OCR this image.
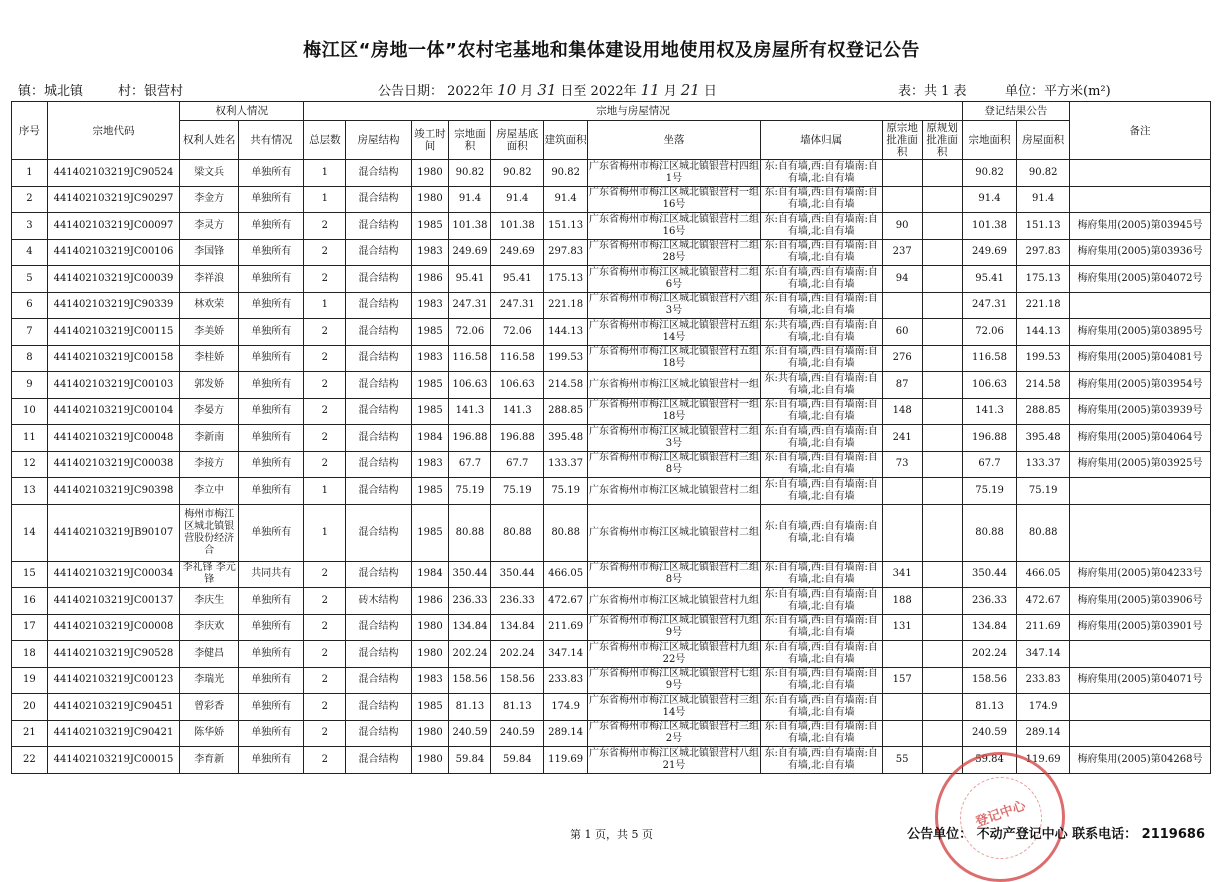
梅江区“房地一体”农村宅基地和集体建设用地使用权及房屋所有权登记公告
镇：城北镇	村：银营村	公告日期： 2022年 10 月 31 日至 2022年 11 月 21 日	表：共 1 表	单位：平方米(m²)
序号	宗地代码	权利人情况		宗地与房屋情况										登记结果公告		备注
		权利人姓名	共有情况	总层数	房屋结构	竣工时间	宗地面积	房屋基底面积	建筑面积	坐落	墙体归属	原宗地批准面积	原规划批准面积	宗地面积	房屋面积	
1	441402103219JC90524	梁文兵	单独所有	1	混合结构	1980	90.82	90.82	90.82	广东省梅州市梅江区城北镇银营村四组1号	东:自有墙,西:自有墙南:自有墙,北:自有墙			90.82	90.82	
2	441402103219JC90297	李金方	单独所有	1	混合结构	1980	91.4	91.4	91.4	广东省梅州市梅江区城北镇银营村一组16号	东:自有墙,西:自有墙南:自有墙,北:自有墙			91.4	91.4	
3	441402103219JC00097	李灵方	单独所有	2	混合结构	1985	101.38	101.38	151.13	广东省梅州市梅江区城北镇银营村二组16号	东:自有墙,西:自有墙南:自有墙,北:自有墙	90		101.38	151.13	梅府集用(2005)第03945号
4	441402103219JC00106	李国锋	单独所有	2	混合结构	1983	249.69	249.69	297.83	广东省梅州市梅江区城北镇银营村二组28号	东:自有墙,西:自有墙南:自有墙,北:自有墙	237		249.69	297.83	梅府集用(2005)第03936号
5	441402103219JC00039	李祥浪	单独所有	2	混合结构	1986	95.41	95.41	175.13	广东省梅州市梅江区城北镇银营村二组6号	东:自有墙,西:自有墙南:自有墙,北:自有墙	94		95.41	175.13	梅府集用(2005)第04072号
6	441402103219JC90339	林欢荣	单独所有	1	混合结构	1983	247.31	247.31	221.18	广东省梅州市梅江区城北镇银营村六组3号	东:自有墙,西:自有墙南:自有墙,北:自有墙			247.31	221.18	
7	441402103219JC00115	李美娇	单独所有	2	混合结构	1985	72.06	72.06	144.13	广东省梅州市梅江区城北镇银营村五组14号	东:共有墙,西:自有墙南:自有墙,北:自有墙	60		72.06	144.13	梅府集用(2005)第03895号
8	441402103219JC00158	李桂娇	单独所有	2	混合结构	1983	116.58	116.58	199.53	广东省梅州市梅江区城北镇银营村五组18号	东:自有墙,西:自有墙南:自有墙,北:自有墙	276		116.58	199.53	梅府集用(2005)第04081号
9	441402103219JC00103	郭发娇	单独所有	2	混合结构	1985	106.63	106.63	214.58	广东省梅州市梅江区城北镇银营村一组	东:共有墙,西:自有墙南:自有墙,北:自有墙	87		106.63	214.58	梅府集用(2005)第03954号
10	441402103219JC00104	李晏方	单独所有	2	混合结构	1985	141.3	141.3	288.85	广东省梅州市梅江区城北镇银营村一组18号	东:自有墙,西:自有墙南:自有墙,北:自有墙	148		141.3	288.85	梅府集用(2005)第03939号
11	441402103219JC00048	李新南	单独所有	2	混合结构	1984	196.88	196.88	395.48	广东省梅州市梅江区城北镇银营村二组3号	东:自有墙,西:自有墙南:自有墙,北:自有墙	241		196.88	395.48	梅府集用(2005)第04064号
12	441402103219JC00038	李接方	单独所有	2	混合结构	1983	67.7	67.7	133.37	广东省梅州市梅江区城北镇银营村三组8号	东:自有墙,西:自有墙南:自有墙,北:自有墙	73		67.7	133.37	梅府集用(2005)第03925号
13	441402103219JC90398	李立中	单独所有	1	混合结构	1985	75.19	75.19	75.19	广东省梅州市梅江区城北镇银营村二组	东:自有墙,西:自有墙南:自有墙,北:自有墙			75.19	75.19	
14	441402103219JB90107	梅州市梅江区城北镇银营股份经济合	单独所有	1	混合结构	1985	80.88	80.88	80.88	广东省梅州市梅江区城北镇银营村二组	东:自有墙,西:自有墙南:自有墙,北:自有墙			80.88	80.88	
15	441402103219JC00034	李礼锋 李元锋	共同共有	2	混合结构	1984	350.44	350.44	466.05	广东省梅州市梅江区城北镇银营村二组8号	东:自有墙,西:自有墙南:自有墙,北:自有墙	341		350.44	466.05	梅府集用(2005)第04233号
16	441402103219JC00137	李庆生	单独所有	2	砖木结构	1986	236.33	236.33	472.67	广东省梅州市梅江区城北镇银营村九组	东:自有墙,西:自有墙南:自有墙,北:自有墙	188		236.33	472.67	梅府集用(2005)第03906号
17	441402103219JC00008	李庆欢	单独所有	2	混合结构	1980	134.84	134.84	211.69	广东省梅州市梅江区城北镇银营村九组9号	东:自有墙,西:自有墙南:自有墙,北:自有墙	131		134.84	211.69	梅府集用(2005)第03901号
18	441402103219JC90528	李健昌	单独所有	2	混合结构	1980	202.24	202.24	347.14	广东省梅州市梅江区城北镇银营村九组22号	东:自有墙,西:自有墙南:自有墙,北:自有墙			202.24	347.14	
19	441402103219JC00123	李瑞光	单独所有	2	混合结构	1983	158.56	158.56	233.83	广东省梅州市梅江区城北镇银营村七组9号	东:自有墙,西:自有墙南:自有墙,北:自有墙	157		158.56	233.83	梅府集用(2005)第04071号
20	441402103219JC90451	曾彩香	单独所有	2	混合结构	1985	81.13	81.13	174.9	广东省梅州市梅江区城北镇银营村三组14号	东:自有墙,西:自有墙南:自有墙,北:自有墙			81.13	174.9	
21	441402103219JC90421	陈华娇	单独所有	2	混合结构	1980	240.59	240.59	289.14	广东省梅州市梅江区城北镇银营村三组2号	东:自有墙,西:自有墙南:自有墙,北:自有墙			240.59	289.14	
22	441402103219JC00015	李育新	单独所有	2	混合结构	1980	59.84	59.84	119.69	广东省梅州市梅江区城北镇银营村八组21号	东:自有墙,西:自有墙南:自有墙,北:自有墙	55		59.84	119.69	梅府集用(2005)第04268号
登记中心
第 1 页，共 5 页	公告单位： 不动产登记中心 联系电话： 2119686
